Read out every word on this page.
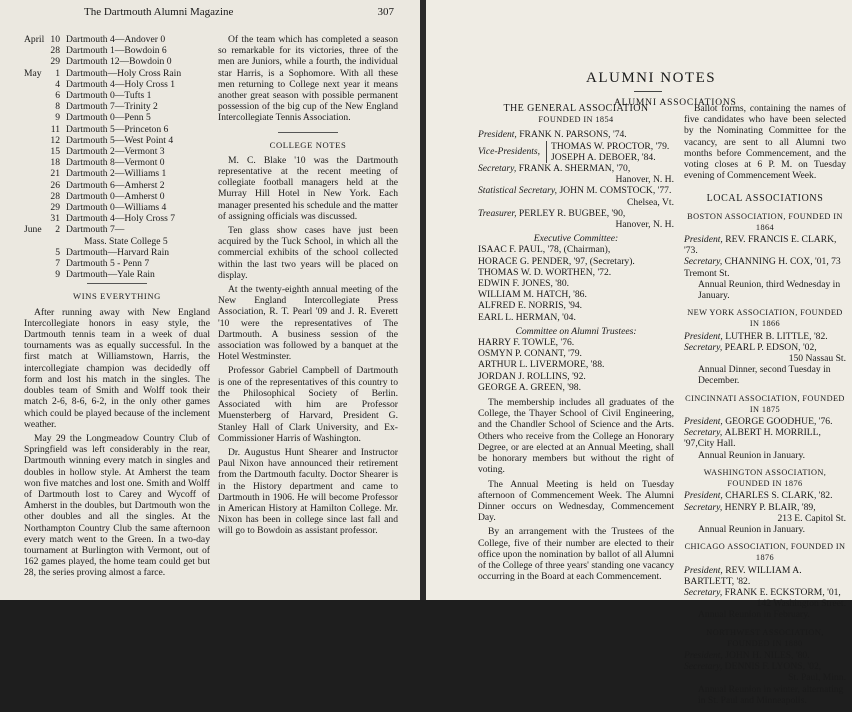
The Dartmouth Alumni Magazine	307
April 10 Dartmouth 4—Andover 0
28 Dartmouth 1—Bowdoin 6
29 Dartmouth 12—Bowdoin 0
May	1 Dartmouth—Holy Cross Rain
4 Dartmouth 4—Holy Cross 1
6 Dartmouth 0—Tufts 1
8 Dartmouth 7—Trinity 2
9 Dartmouth 0—Penn 5
11 Dartmouth 5—Princeton 6
12 Dartmouth 5—West Point 4
15 Dartmouth 2—Vermont 3
18 Dartmouth 8—Vermont 0
21 Dartmouth 2—Williams 1
26 Dartmouth 6—Amherst 2
28 Dartmouth 0—Amherst 0
29 Dartmouth 0—Williams 4
31 Dartmouth 4—Holy Cross 7
June	2 Dartmouth 7—
Mass. State College 5
5 Dartmouth—Harvard Rain
7 Dartmouth 5 - Penn 7
9 Dartmouth—Yale Rain
WINS EVERYTHING

After running away with New England Intercollegiate honors in easy style, the Dartmouth tennis team in a week of dual tournaments was as equally successful. In the first match at Williamstown, Harris, the intercollegiate champion was decidedly off form and lost his match in the singles. The doubles team of Smith and Wolff took their match 2-6, 8-6, 6-2, in the only other games which could be played because of the inclement weather.

May 29 the Longmeadow Country Club of Springfield was left considerably in the rear, Dartmouth winning every match in singles and doubles in hollow style. At Amherst the team won five matches and lost one. Smith and Wolff of Dartmouth lost to Carey and Wycoff of Amherst in the doubles, but Dartmouth won the other doubles and all the singles. At the Northampton Country Club the same afternoon every match went to the Green. In a two-day tournament at Burlington with Vermont, out of 162 games played, the home team could get but 28, the series proving almost a farce.

Of the team which has completed a season so remarkable for its victories, three of the men are Juniors, while a fourth, the individual star Harris, is a Sophomore. With all these men returning to College next year it means another great season with possible permanent possession of the big cup of the New England Intercollegiate Tennis Association.

COLLEGE NOTES

M. C. Blake '10 was the Dartmouth representative at the recent meeting of collegiate football managers held at the Murray Hill Hotel in New York. Each manager presented his schedule and the matter of assigning officials was discussed.

Ten glass show cases have just been acquired by the Tuck School, in which all the commercial exhibits of the school collected within the last two years will be placed on display.

At the twenty-eighth annual meeting of the New England Intercollegiate Press Association, R. T. Pearl '09 and J. R. Everett '10 were the representatives of The Dartmouth. A business session of the association was followed by a banquet at the Hotel Westminster.

Professor Gabriel Campbell of Dartmouth is one of the representatives of this country to the Philosophical Society of Berlin. Associated with him are Professor Muensterberg of Harvard, President G. Stanley Hall of Clark University, and Ex-Commissioner Harris of Washington.

Dr. Augustus Hunt Shearer and Instructor Paul Nixon have announced their retirement from the Dartmouth faculty. Doctor Shearer is in the History department and came to Dartmouth in 1906. He will become Professor in American History at Hamilton College. Mr. Nixon has been in college since last fall and will go to Bowdoin as assistant professor.

ALUMNI NOTES
ALUMNI ASSOCIATIONS
THE GENERAL ASSOCIATION
FOUNDED IN 1854
President, FRANK N. PARSONS, '74.
Vice-Presidents,
THOMAS W. PROCTOR, '79.
JOSEPH A. DEBOER, '84.
Secretary, FRANK A. SHERMAN, '70,
Hanover, N. H.
Statistical Secretary, JOHN M. COMSTOCK, '77.
Chelsea, Vt.
Treasurer, PERLEY R. BUGBEE, '90,
Hanover, N. H.
Executive Committee:
ISAAC F. PAUL, '78, (Chairman),
HORACE G. PENDER, '97, (Secretary).
THOMAS W. D. WORTHEN, '72.
EDWIN F. JONES, '80.
WILLIAM M. HATCH, '86.
ALFRED E. NORRIS, '94.
EARL L. HERMAN, '04.
Committee on Alumni Trustees:
HARRY F. TOWLE, '76.
OSMYN P. CONANT, '79.
ARTHUR L. LIVERMORE, '88.
JORDAN J. ROLLINS, '92.
GEORGE A. GREEN, '98.

The membership includes all graduates of the College, the Thayer School of Civil Engineering, and the Chandler School of Science and the Arts. Others who receive from the College an Honorary Degree, or are elected at an Annual Meeting, shall be honorary members but without the right of voting.

The Annual Meeting is held on Tuesday afternoon of Commencement Week. The Alumni Dinner occurs on Wednesday, Commencement Day.

By an arrangement with the Trustees of the College, five of their number are elected to their office upon the nomination by ballot of all Alumni of the College of three years' standing one vacancy occurring in the Board at each Commencement.

Ballot forms, containing the names of five candidates who have been selected by the Nominating Committee for the vacancy, are sent to all Alumni two months before Commencement, and the voting closes at 6 P. M. on Tuesday evening of Commencement Week.

LOCAL ASSOCIATIONS
BOSTON ASSOCIATION, FOUNDED IN 1864
President, REV. FRANCIS E. CLARK, '73.
Secretary, CHANNING H. COX, '01, 73 Tremont St.
Annual Reunion, third Wednesday in January.
NEW YORK ASSOCIATION, FOUNDED IN 1866
President, LUTHER B. LITTLE, '82.
Secretary, PEARL P. EDSON, '02,
150 Nassau St.
Annual Dinner, second Tuesday in December.
CINCINNATI ASSOCIATION, FOUNDED IN 1875
President, GEORGE GOODHUE, '76.
Secretary, ALBERT H. MORRILL, '97,City Hall.
Annual Reunion in January.
WASHINGTON ASSOCIATION, FOUNDED IN 1876
President, CHARLES S. CLARK, '82.
Secretary, HENRY P. BLAIR, '89,
213 E. Capitol St.
Annual Reunion in January.
CHICAGO ASSOCIATION, FOUNDED IN 1876
President, REV. WILLIAM A. BARTLETT, '82.
Secretary, FRANK E. ECKSTORM, '01,
142 Washington Street.
Annual Reunion in February.
NORTHWEST ASSOCIATION, FOUNDED IN 1880
President, JOHN H. NILES, '80.
Secretary, DENNIS F. LYONS, '02,
St. Paul, Minn.
Annual Reunion in winter, alternating in St. Paul and Minneapolis.
